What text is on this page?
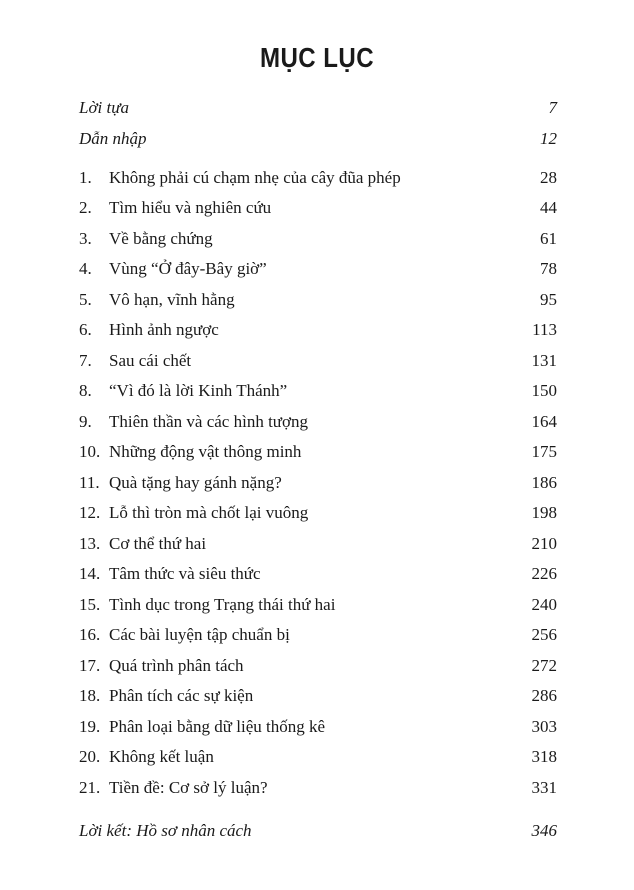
MỤC LỤC
Lời tựa	7
Dẫn nhập	12
1. Không phải cú chạm nhẹ của cây đũa phép	28
2. Tìm hiểu và nghiên cứu	44
3. Về bằng chứng	61
4. Vùng “Ở đây-Bây giờ”	78
5. Vô hạn, vĩnh hằng	95
6. Hình ảnh ngược	113
7. Sau cái chết	131
8. “Vì đó là lời Kinh Thánh”	150
9. Thiên thần và các hình tượng	164
10. Những động vật thông minh	175
11. Quà tặng hay gánh nặng?	186
12. Lỗ thì tròn mà chốt lại vuông	198
13. Cơ thể thứ hai	210
14. Tâm thức và siêu thức	226
15. Tình dục trong Trạng thái thứ hai	240
16. Các bài luyện tập chuẩn bị	256
17. Quá trình phân tách	272
18. Phân tích các sự kiện	286
19. Phân loại bằng dữ liệu thống kê	303
20. Không kết luận	318
21. Tiền đề: Cơ sở lý luận?	331
Lời kết: Hồ sơ nhân cách	346
